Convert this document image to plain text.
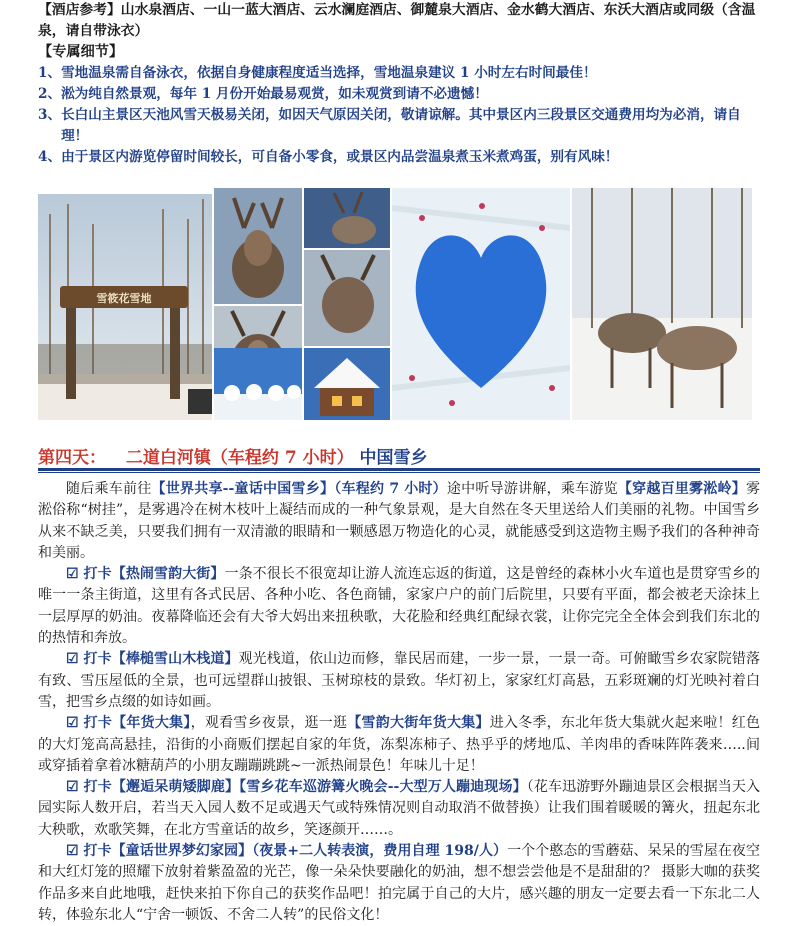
【酒店参考】山水泉酒店、一山一蓝大酒店、云水澜庭酒店、御麓泉大酒店、金水鹤大酒店、东沃大酒店或同级（含温泉，请自带泳衣）

【专属细节】

1、 雪地温泉需自备泳衣，依据自身健康程度适当选择，雪地温泉建议 1 小时左右时间最佳！
2、 淞为纯自然景观，每年 1 月份开始最易观赏，如未观赏到请不必遗憾！
3、 长白山主景区天池风雪天极易关闭，如因天气原因关闭，敬请谅解。其中景区内三段景区交通费用均为必消，请自理！
4、 由于景区内游览停留时间较长，可自备小零食，或景区内品尝温泉煮玉米煮鸡蛋，别有风味！
雪筱花雪地
第四天： 二道白河镇（车程约 7 小时） 中国雪乡

随后乘车前往【世界共享--童话中国雪乡】（车程约 7 小时）途中听导游讲解，乘车游览【穿越百里雾淞岭】雾淞俗称“树挂”，是雾遇冷在树木枝叶上凝结而成的一种气象景观，是大自然在冬天里送给人们美丽的礼物。中国雪乡从来不缺乏美，只要我们拥有一双清澈的眼睛和一颗感恩万物造化的心灵，就能感受到这造物主赐予我们的各种神奇和美丽。

☑ 打卡【热闹雪韵大街】一条不很长不很宽却让游人流连忘返的街道，这是曾经的森林小火车道也是贯穿雪乡的唯一一条主街道，这里有各式民居、各种小吃、各色商铺，家家户户的前门后院里，只要有平面，都会被老天涂抹上一层厚厚的奶油。夜幕降临还会有大爷大妈出来扭秧歌，大花脸和经典红配绿衣裳，让你完完全全体会到我们东北的的热情和奔放。

☑ 打卡【棒槌雪山木栈道】观光栈道，依山边而修，靠民居而建，一步一景，一景一奇。可俯瞰雪乡农家院错落有致、雪压屋低的全景，也可远望群山披银、玉树琼枝的景致。华灯初上，家家红灯高悬，五彩斑斓的灯光映衬着白雪，把雪乡点缀的如诗如画。

☑ 打卡【年货大集】，观看雪乡夜景，逛一逛【雪韵大街年货大集】进入冬季，东北年货大集就火起来啦！红色的大灯笼高高悬挂，沿街的小商贩们摆起自家的年货，冻梨冻柿子、热乎乎的烤地瓜、羊肉串的香味阵阵袭来…..间或穿插着拿着冰糖葫芦的小朋友蹦蹦跳跳~一派热闹景色！年味儿十足！

☑ 打卡【邂逅呆萌矮脚鹿】【雪乡花车巡游篝火晚会--大型万人蹦迪现场】（花车迅游野外蹦迪景区会根据当天入园实际人数开启，若当天入园人数不足或遇天气或特殊情况则自动取消不做替换）让我们围着暖暖的篝火，扭起东北大秧歌，欢歌笑舞，在北方雪童话的故乡，笑逐颜开……。

☑ 打卡【童话世界梦幻家园】（夜景+二人转表演，费用自理 198/人）一个个憨态的雪蘑菇、呆呆的雪屋在夜空和大红灯笼的照耀下放射着紫盈盈的光芒，像一朵朵快要融化的奶油，想不想尝尝他是不是甜甜的？ 摄影大咖的获奖作品多来自此地哦，赶快来拍下你自己的获奖作品吧！拍完属于自己的大片，感兴趣的朋友一定要去看一下东北二人转，体验东北人“宁舍一顿饭、不舍二人转”的民俗文化！
